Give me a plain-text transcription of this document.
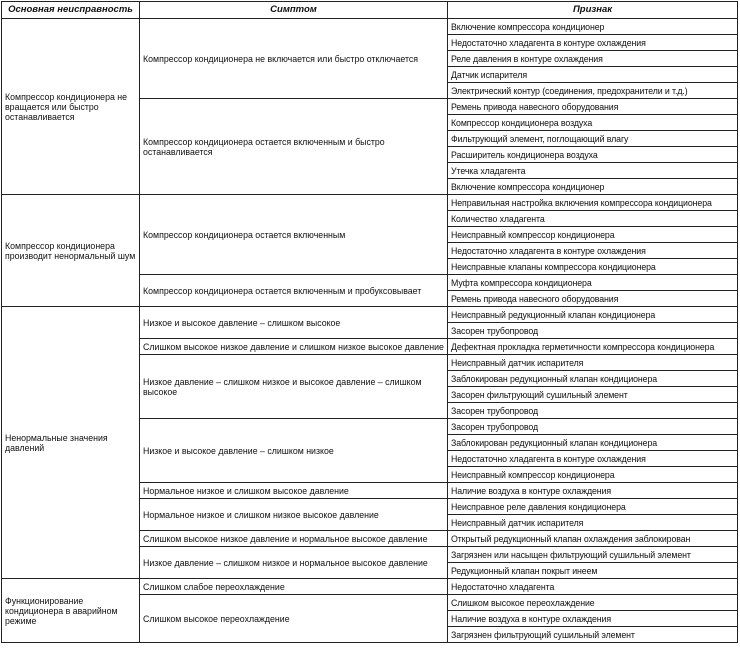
Основная неисправность	Симптом	Признак
Компрессор кондиционера не вращается или быстро останавливается	Компрессор кондиционера не включается или быстро отключается	Включение компрессора кондиционер
		Недостаточно хладагента в контуре охлаждения
		Реле давления в контуре охлаждения
		Датчик испарителя
		Электрический контур (соединения, предохранители и т.д.)
	Компрессор кондиционера остается включенным и быстро останавливается	Ремень привода навесного оборудования
		Компрессор кондиционера воздуха
		Фильтрующий элемент, поглощающий влагу
		Расширитель кондиционера воздуха
		Утечка хладагента
		Включение компрессора кондиционер
Компрессор кондиционера производит ненормальный шум	Компрессор кондиционера остается включенным	Неправильная настройка включения компрессора кондиционера
		Количество хладагента
		Неисправный компрессор кондиционера
		Недостаточно хладагента в контуре охлаждения
		Неисправные клапаны компрессора кондиционера
	Компрессор кондиционера остается включенным и пробуксовывает	Муфта компрессора кондиционера
		Ремень привода навесного оборудования
Ненормальные значения давлений	Низкое и высокое давление – слишком высокое	Неисправный редукционный клапан кондиционера
		Засорен трубопровод
	Слишком высокое низкое давление и слишком низкое высокое давление	Дефектная прокладка герметичности компрессора кондиционера
	Низкое давление – слишком низкое и высокое давление – слишком высокое	Неисправный датчик испарителя
		Заблокирован редукционный клапан кондиционера
		Засорен фильтрующий сушильный элемент
		Засорен трубопровод
	Низкое и высокое давление – слишком низкое	Засорен трубопровод
		Заблокирован редукционный клапан кондиционера
		Недостаточно хладагента в контуре охлаждения
		Неисправный компрессор кондиционера
	Нормальное низкое и слишком высокое давление	Наличие воздуха в контуре охлаждения
	Нормальное низкое и слишком низкое высокое давление	Неисправное реле давления кондиционера
		Неисправный датчик испарителя
	Слишком высокое низкое давление и нормальное высокое давление	Открытый редукционный клапан охлаждения заблокирован
	Низкое давление – слишком низкое и нормальное высокое давление	Загрязнен или насыщен фильтрующий сушильный элемент
		Редукционный клапан покрыт инеем
Функционирование кондиционера в аварийном режиме	Слишком слабое переохлаждение	Недостаточно хладагента
	Слишком высокое переохлаждение	Слишком высокое переохлаждение
		Наличие воздуха в контуре охлаждения
		Загрязнен фильтрующий сушильный элемент
